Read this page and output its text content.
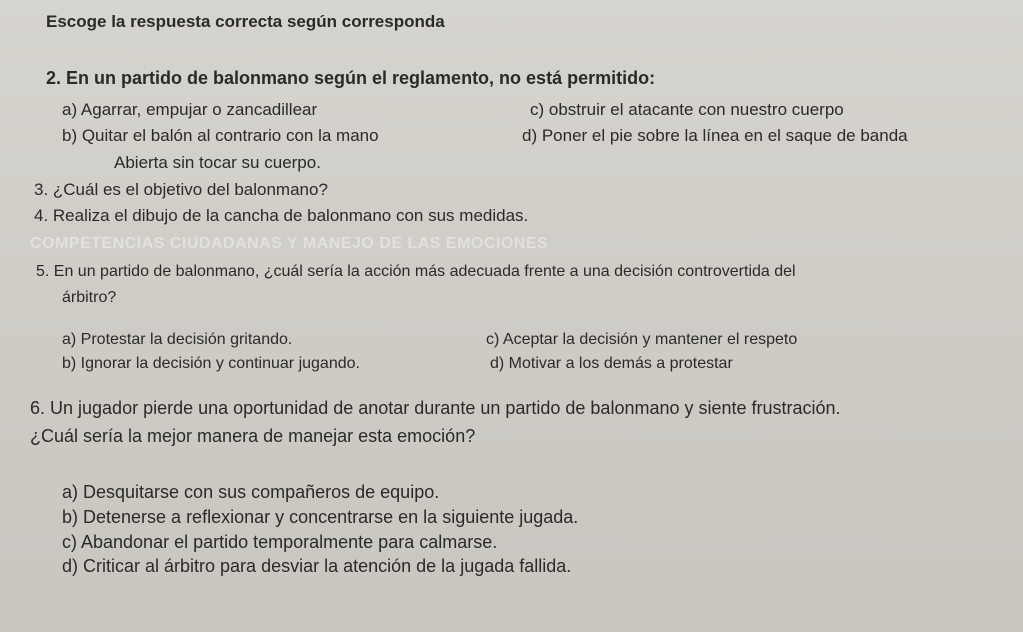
Escoge la respuesta correcta según corresponda
2. En un partido de balonmano según el reglamento, no está permitido:
a) Agarrar, empujar o zancadillear	c) obstruir el atacante con nuestro cuerpo
b) Quitar el balón al contrario con la mano	d) Poner el pie sobre la línea en el saque de banda
Abierta sin tocar su cuerpo.
3. ¿Cuál es el objetivo del balonmano?
4. Realiza el dibujo de la cancha de balonmano con sus medidas.
COMPETENCIAS CIUDADANAS Y MANEJO DE LAS EMOCIONES
5. En un partido de balonmano, ¿cuál sería la acción más adecuada frente a una decisión controvertida del
árbitro?
a) Protestar la decisión gritando.	c) Aceptar la decisión y mantener el respeto
b) Ignorar la decisión y continuar jugando.	d) Motivar a los demás a protestar
6. Un jugador pierde una oportunidad de anotar durante un partido de balonmano y siente frustración.
¿Cuál sería la mejor manera de manejar esta emoción?
a) Desquitarse con sus compañeros de equipo.
b) Detenerse a reflexionar y concentrarse en la siguiente jugada.
c) Abandonar el partido temporalmente para calmarse.
d) Criticar al árbitro para desviar la atención de la jugada fallida.
